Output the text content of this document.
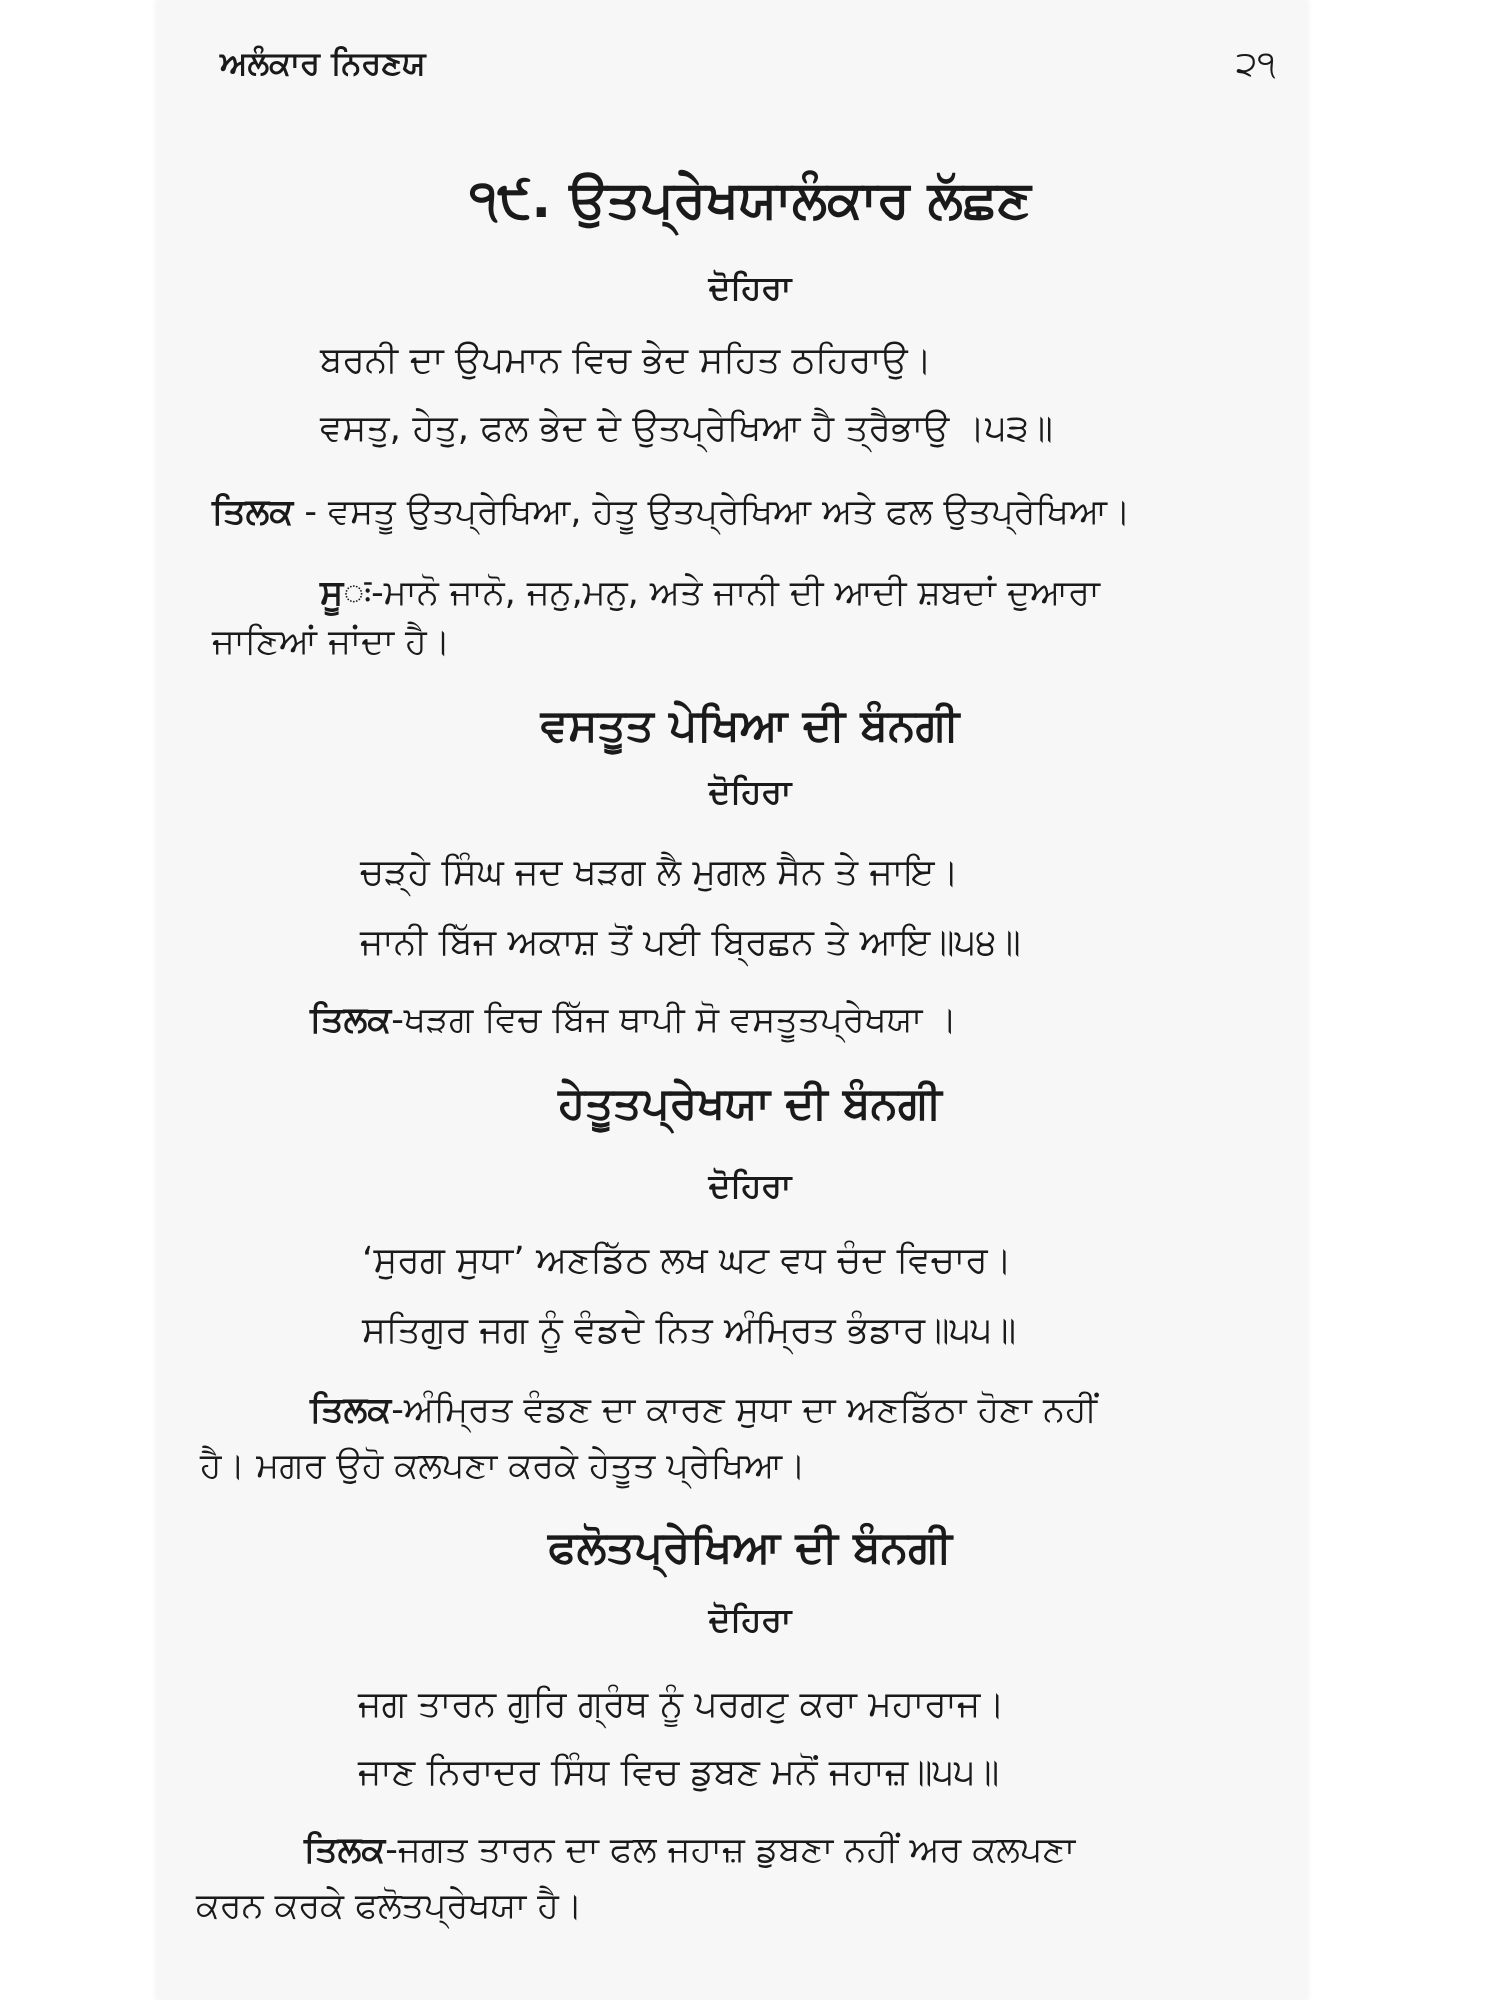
ਅਲੰਕਾਰ ਨਿਰਣਯ	੨੧
੧੯. ਉਤਪ੍ਰੇਖਯਾਲੰਕਾਰ ਲੱਛਣ
ਦੋਹਿਰਾ
ਬਰਨੀ ਦਾ ਉਪਮਾਨ ਵਿਚ ਭੇਦ ਸਹਿਤ ਠਹਿਰਾਉ।
ਵਸਤੁ, ਹੇਤੁ, ਫਲ ਭੇਦ ਦੇ ਉਤਪ੍ਰੇਖਿਆ ਹੈ ਤ੍ਰੈਭਾਉ ।੫੩॥
ਤਿਲਕ - ਵਸਤੂ ਉਤਪ੍ਰੇਖਿਆ, ਹੇਤੂ ਉਤਪ੍ਰੇਖਿਆ ਅਤੇ ਫਲ ਉਤਪ੍ਰੇਖਿਆ।
ਸੂः-ਮਾਨੋ ਜਾਨੋ, ਜਨੁ,ਮਨੁ, ਅਤੇ ਜਾਨੀ ਦੀ ਆਦੀ ਸ਼ਬਦਾਂ ਦੁਆਰਾ
ਜਾਣਿਆਂ ਜਾਂਦਾ ਹੈ।
ਵਸਤੂਤ ਪੇਖਿਆ ਦੀ ਬੰਨਗੀ
ਦੋਹਿਰਾ
ਚੜ੍ਹੇ ਸਿੰਘ ਜਦ ਖੜਗ ਲੈ ਮੁਗਲ ਸੈਨ ਤੇ ਜਾਇ।
ਜਾਨੀ ਬਿੱਜ ਅਕਾਸ਼ ਤੋਂ ਪਈ ਬ੍ਰਿਛਨ ਤੇ ਆਇ॥੫੪॥
ਤਿਲਕ-ਖੜਗ ਵਿਚ ਬਿੱਜ ਥਾਪੀ ਸੋ ਵਸਤੂਤਪ੍ਰੇਖਯਾ ।
ਹੇਤੂਤਪ੍ਰੇਖਯਾ ਦੀ ਬੰਨਗੀ
ਦੋਹਿਰਾ
‘ਸੁਰਗ ਸੁਧਾ’ ਅਣਡਿੱਠ ਲਖ ਘਟ ਵਧ ਚੰਦ ਵਿਚਾਰ।
ਸਤਿਗੁਰ ਜਗ ਨੂੰ ਵੰਡਦੇ ਨਿਤ ਅੰਮ੍ਰਿਤ ਭੰਡਾਰ॥੫੫॥
ਤਿਲਕ-ਅੰਮ੍ਰਿਤ ਵੰਡਣ ਦਾ ਕਾਰਣ ਸੁਧਾ ਦਾ ਅਣਡਿੱਠਾ ਹੋਣਾ ਨਹੀਂ
ਹੈ। ਮਗਰ ਉਹੋ ਕਲਪਣਾ ਕਰਕੇ ਹੇਤੂਤ ਪ੍ਰੇਖਿਆ।
ਫਲੋਤਪ੍ਰੇਖਿਆ ਦੀ ਬੰਨਗੀ
ਦੋਹਿਰਾ
ਜਗ ਤਾਰਨ ਗੁਰਿ ਗ੍ਰੰਥ ਨੂੰ ਪਰਗਟੁ ਕਰਾ ਮਹਾਰਾਜ।
ਜਾਣ ਨਿਰਾਦਰ ਸਿੰਧ ਵਿਚ ਡੁਬਣ ਮਨੋਂ ਜਹਾਜ਼॥੫੫॥
ਤਿਲਕ-ਜਗਤ ਤਾਰਨ ਦਾ ਫਲ ਜਹਾਜ਼ ਡੁਬਣਾ ਨਹੀਂ ਅਰ ਕਲਪਣਾ
ਕਰਨ ਕਰਕੇ ਫਲੋਤਪ੍ਰੇਖਯਾ ਹੈ।
